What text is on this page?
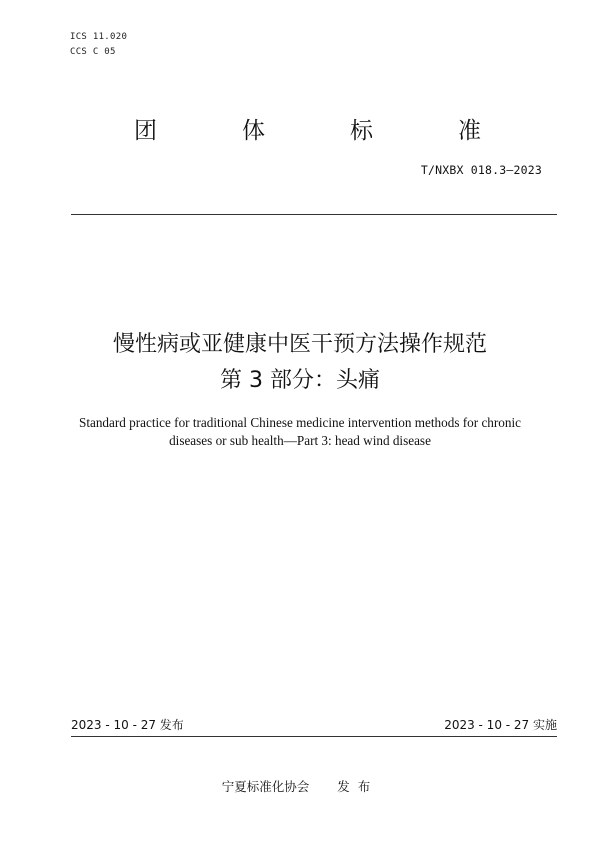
ICS 11.020
CCS C 05
团	体	标	准
T/NXBX 018.3—2023
慢性病或亚健康中医干预方法操作规范
第 3 部分：头痛
Standard practice for traditional Chinese medicine intervention methods for chronic
diseases or sub health—Part 3: head wind disease
2023 - 10 - 27 发布	2023 - 10 - 27 实施
宁夏标准化协会 发布
